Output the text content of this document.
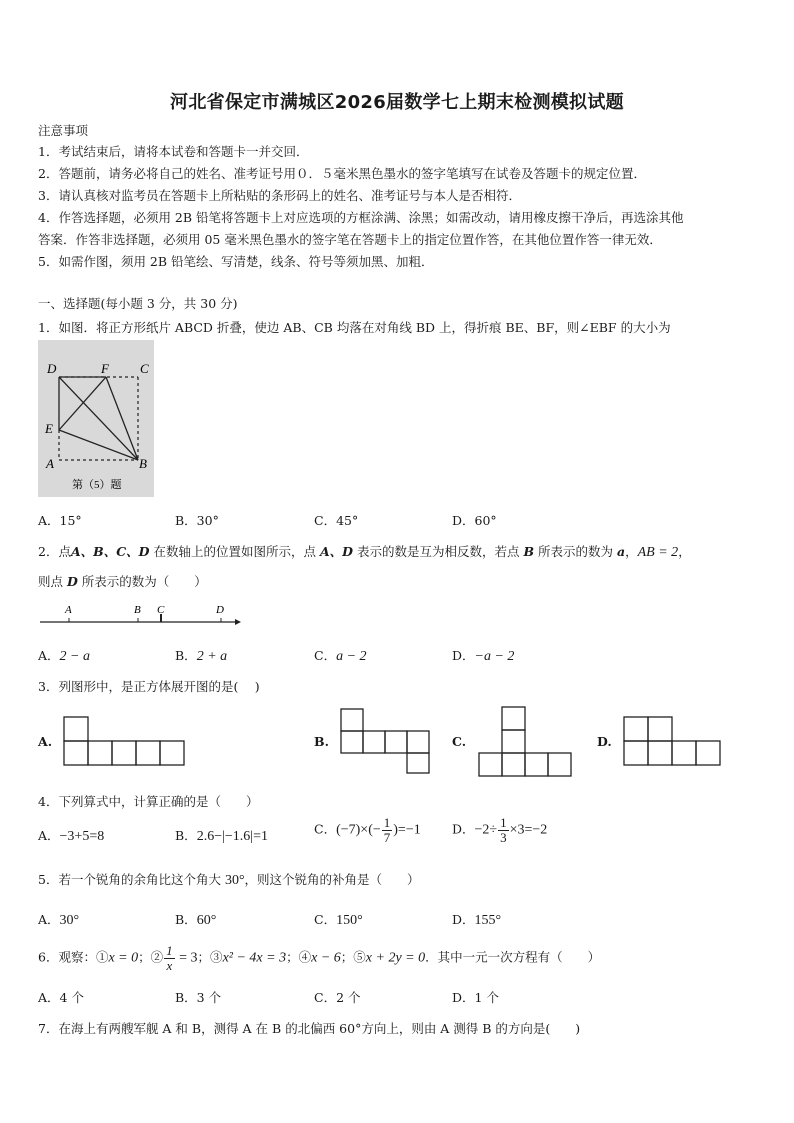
河北省保定市满城区2026届数学七上期末检测模拟试题
注意事项
1．考试结束后，请将本试卷和答题卡一并交回．
2．答题前，请务必将自己的姓名、准考证号用０．５毫米黑色墨水的签字笔填写在试卷及答题卡的规定位置．
3．请认真核对监考员在答题卡上所粘贴的条形码上的姓名、准考证号与本人是否相符．
4．作答选择题，必须用 2B 铅笔将答题卡上对应选项的方框涂满、涂黑；如需改动，请用橡皮擦干净后，再选涂其他
答案．作答非选择题，必须用 05 毫米黑色墨水的签字笔在答题卡上的指定位置作答，在其他位置作答一律无效．
5．如需作图，须用 2B 铅笔绘、写清楚，线条、符号等须加黑、加粗．
一、选择题(每小题 3 分，共 30 分)
1．如图．将正方形纸片 ABCD 折叠，使边 AB、CB 均落在对角线 BD 上，得折痕 BE、BF，则∠EBF 的大小为
D	F C
E
A	B
第（5）题
A．15°	B．30°	C．45°	D．60°
2．点A、B、C、D 在数轴上的位置如图所示，点 A、D 表示的数是互为相反数，若点 B 所表示的数为 a，AB = 2，
则点 D 所表示的数为（　　）
A	B C	D
A．2 − a	B．2 + a	C．a − 2	D．−a − 2
3．列图形中，是正方体展开图的是(　 )
A.	B.	C.	D.
4．下列算式中，计算正确的是（　　）
A．−3+5=8	B．2.6−|−1.6|=1	C．$(-7)\times(- \frac{1}{7} )=-1$	D．$-2\div \frac{1}{3} \times 3=-2$
5．若一个锐角的余角比这个角大 30°，则这个锐角的补角是（　　）
A．30°	B．60°	C．150°	D．155°
6．观察：①x = 0；② $\frac{1}{x} = 3$；③x² − 4x = 3；④x − 6；⑤x + 2y = 0．其中一元一次方程有（　　）
A．4 个	B．3 个	C．2 个	D．1 个
7．在海上有两艘军舰 A 和 B，测得 A 在 B 的北偏西 60°方向上，则由 A 测得 B 的方向是(　　)
